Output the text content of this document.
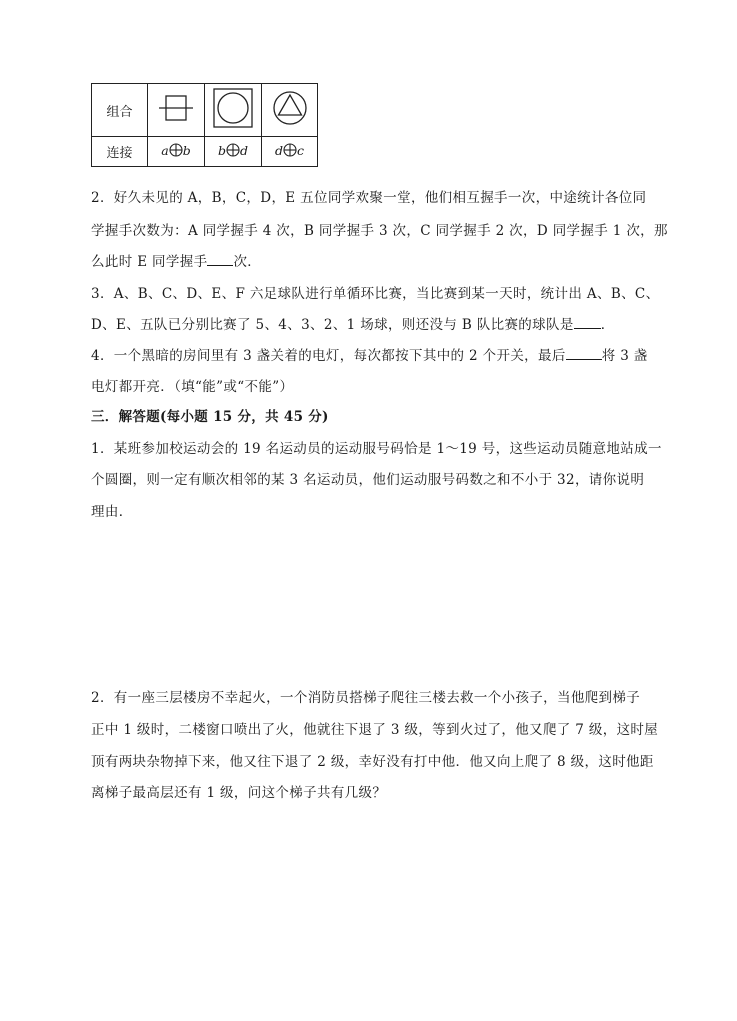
组合			
连接	a b	b d	d c
2．好久未见的 A，B，C，D，E 五位同学欢聚一堂，他们相互握手一次，中途统计各位同
学握手次数为：A 同学握手 4 次，B 同学握手 3 次，C 同学握手 2 次，D 同学握手 1 次，那
么此时 E 同学握手 次．
3．A、B、C、D、E、F 六足球队进行单循环比赛，当比赛到某一天时，统计出 A、B、C、
D、E、五队已分别比赛了 5、4、3、2、1 场球，则还没与 B 队比赛的球队是 ．
4．一个黑暗的房间里有 3 盏关着的电灯，每次都按下其中的 2 个开关，最后	将 3 盏
电灯都开亮．（填“能”或“不能”）
三．解答题(每小题 15 分，共 45 分)
1．某班参加校运动会的 19 名运动员的运动服号码恰是 1～19 号，这些运动员随意地站成一
个圆圈，则一定有顺次相邻的某 3 名运动员，他们运动服号码数之和不小于 32，请你说明
理由．
2．有一座三层楼房不幸起火，一个消防员搭梯子爬往三楼去救一个小孩子，当他爬到梯子
正中 1 级时，二楼窗口喷出了火，他就往下退了 3 级，等到火过了，他又爬了 7 级，这时屋
顶有两块杂物掉下来，他又往下退了 2 级，幸好没有打中他．他又向上爬了 8 级，这时他距
离梯子最高层还有 1 级，问这个梯子共有几级？
